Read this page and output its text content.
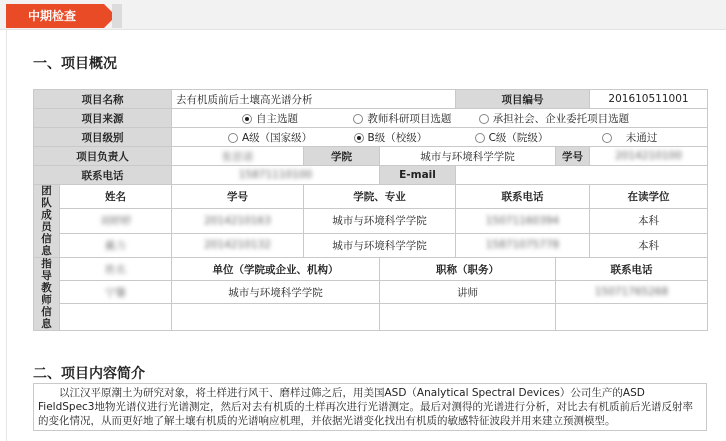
中期检查
一、项目概况
项目名称		去有机质前后土壤高光谱分析			项目编号		201610511001	
项目来源		自主选题 教师科研项目选题 承担社会、企业委托项目选题						
项目级别		A级（国家级） B级（校级） C级（院级） 未通过						
项目负责人		张思诺	学院	城市与环境科学学院		学号	2014210100	
联系电话		15871110100		E-mail				
团队成员信息	姓名	学号	学院、专业		联系电话		在读学位	
	刘婷婷	2014210163	城市与环境科学学院		15071160394		本科	
	戴力	2014210132	城市与环境科学学院		15871075778		本科	
指导教师信息	姓名	单位（学院或企业、机构）		职称（职务）		联系电话	
	宁馨	城市与环境科学学院		讲师		15071765268	

二、项目内容简介
以江汉平原潮土为研究对象，将土样进行风干、磨样过筛之后，用美国ASD（Analytical Spectral Devices）公司生产的ASD FieldSpec3地物光谱仪进行光谱测定，然后对去有机质的土样再次进行光谱测定。最后对测得的光谱进行分析，对比去有机质前后光谱反射率的变化情况，从而更好地了解土壤有机质的光谱响应机理，并依据光谱变化找出有机质的敏感特征波段并用来建立预测模型。
